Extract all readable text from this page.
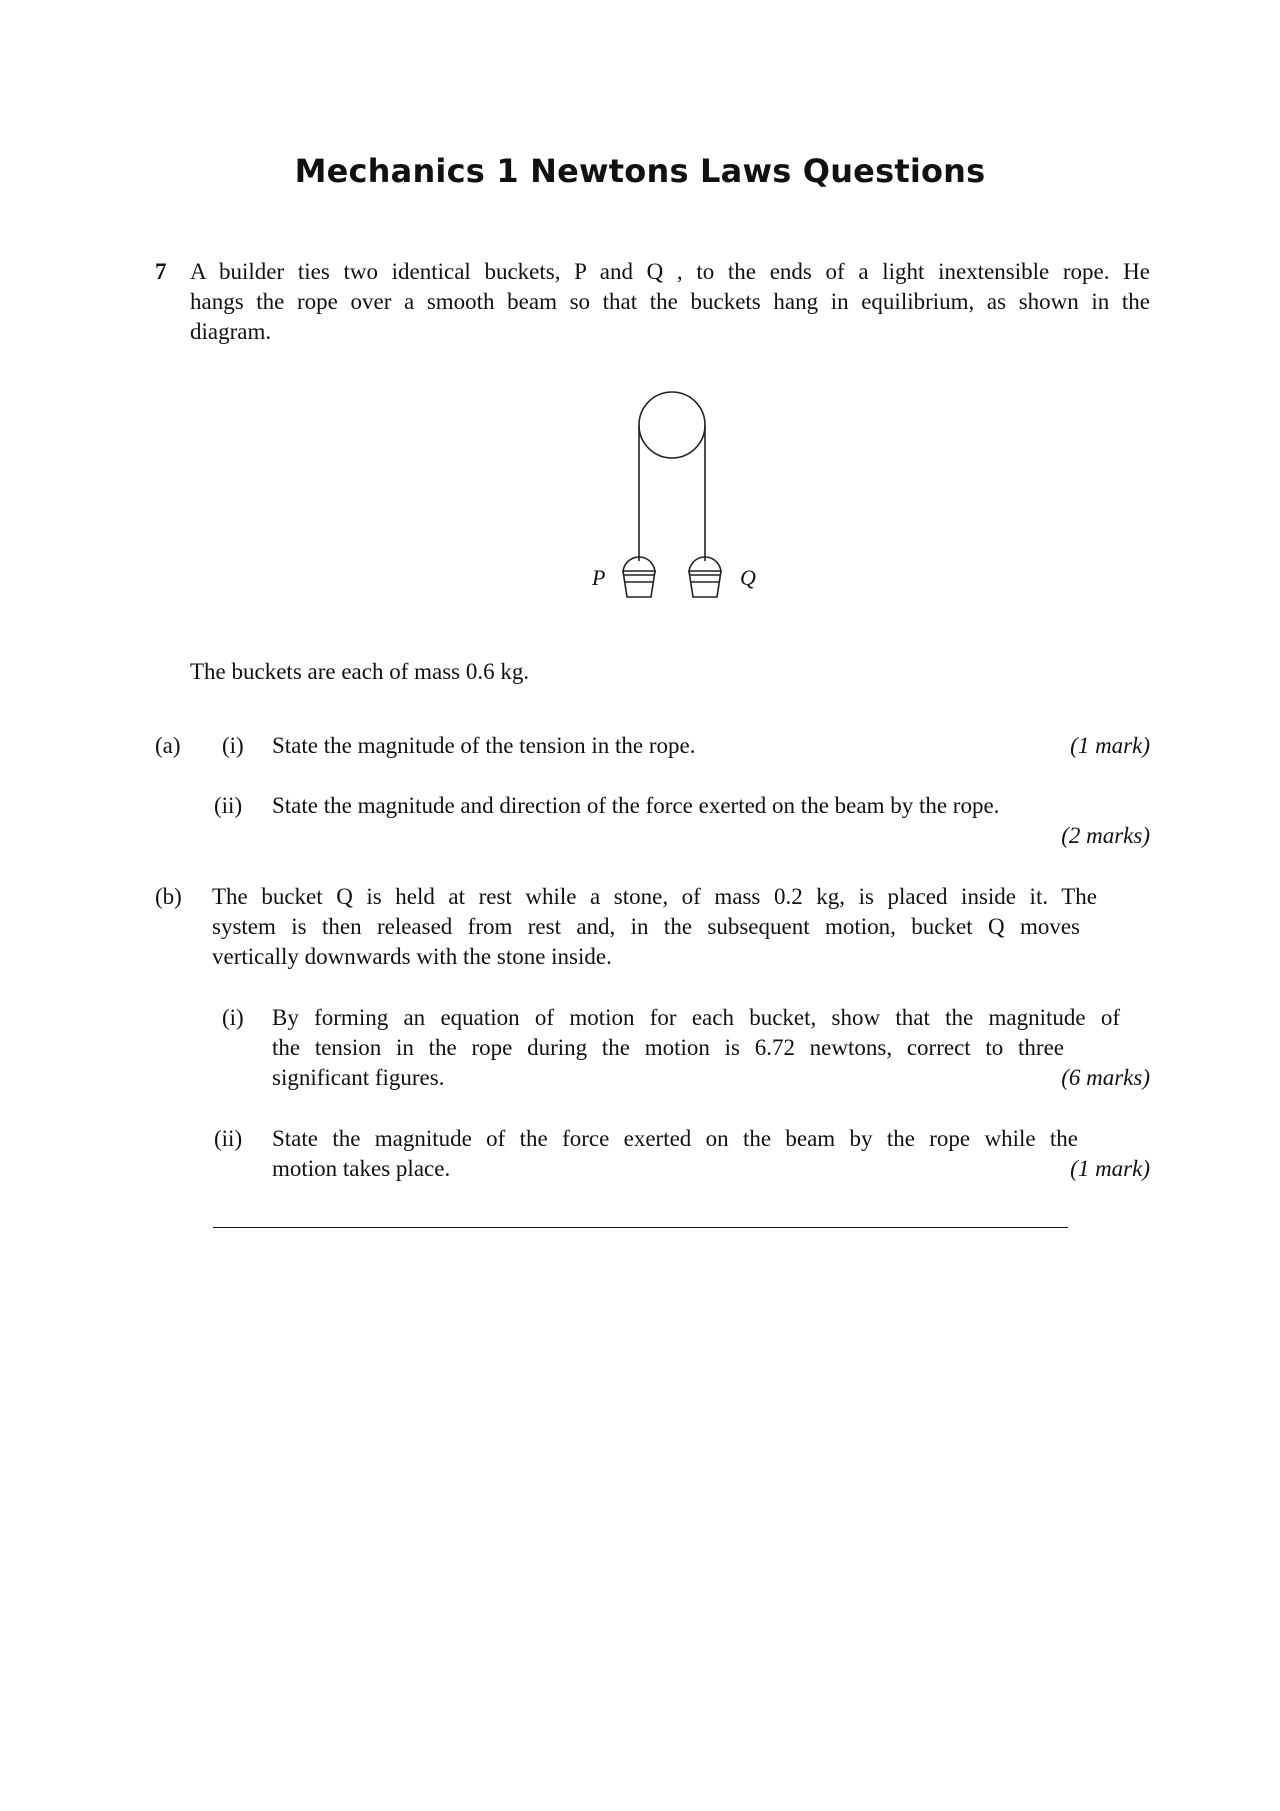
Mechanics 1 Newtons Laws Questions
7 A builder ties two identical buckets, P and Q , to the ends of a light inextensible rope. He
hangs the rope over a smooth beam so that the buckets hang in equilibrium, as shown in the
diagram.
P	Q
The buckets are each of mass 0.6 kg.
(a) (i) State the magnitude of the tension in the rope.	(1 mark)
(ii) State the magnitude and direction of the force exerted on the beam by the rope.
(2 marks)
(b) The bucket Q is held at rest while a stone, of mass 0.2 kg, is placed inside it. The
system is then released from rest and, in the subsequent motion, bucket Q moves
vertically downwards with the stone inside.
(i) By forming an equation of motion for each bucket, show that the magnitude of
the tension in the rope during the motion is 6.72 newtons, correct to three
significant figures.	(6 marks)
(ii) State the magnitude of the force exerted on the beam by the rope while the
motion takes place.	(1 mark)
